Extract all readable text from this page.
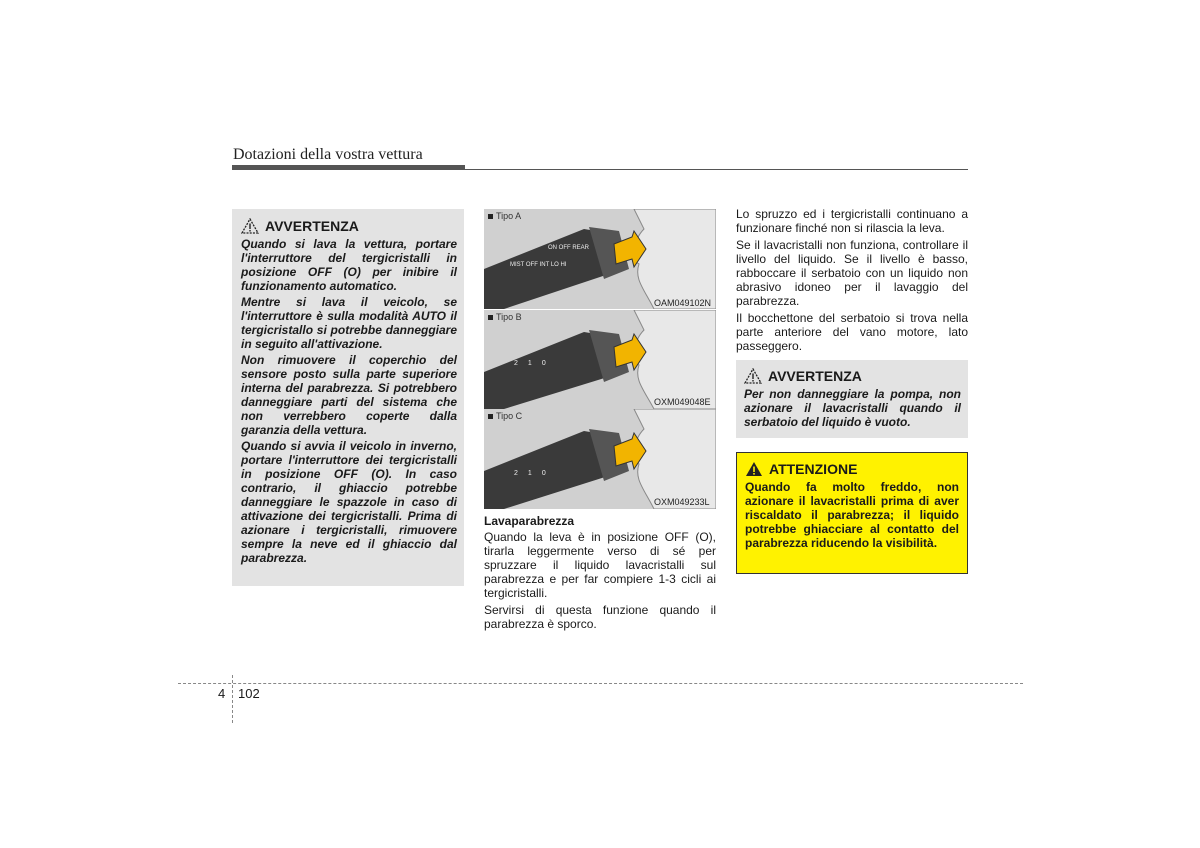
Dotazioni della vostra vettura
AVVERTENZA

Quando si lava la vettura, portare l'interruttore del tergicristalli in posizione OFF (O) per inibire il funzionamento automatico.

Mentre si lava il veicolo, se l'interruttore è sulla modalità AUTO il tergicristallo si potrebbe danneggiare in seguito all'attivazione.

Non rimuovere il coperchio del sensore posto sulla parte superiore interna del parabrezza. Si potrebbero danneggiare parti del sistema che non verrebbero coperte dalla garanzia della vettura.

Quando si avvia il veicolo in inverno, portare l'interruttore dei tergicristalli in posizione OFF (O). In caso contrario, il ghiaccio potrebbe danneggiare le spazzole in caso di attivazione dei tergicristalli. Prima di azionare i tergicristalli, rimuovere sempre la neve ed il ghiaccio dal parabrezza.

Tipo A
MIST OFF INT LO HI
ON OFF REAR
OAM049102N
Tipo B
2 1 0
OXM049048E
Tipo C
2 1 0
OXM049233L
Lavaparabrezza

Quando la leva è in posizione OFF (O), tirarla leggermente verso di sé per spruzzare il liquido lavacristalli sul parabrezza e per far compiere 1-3 cicli ai tergicristalli.

Servirsi di questa funzione quando il parabrezza è sporco.

Lo spruzzo ed i tergicristalli continuano a funzionare finché non si rilascia la leva.

Se il lavacristalli non funziona, controllare il livello del liquido. Se il livello è basso, rabboccare il serbatoio con un liquido non abrasivo idoneo per il lavaggio del parabrezza.

Il bocchettone del serbatoio si trova nella parte anteriore del vano motore, lato passeggero.

AVVERTENZA

Per non danneggiare la pompa, non azionare il lavacristalli quando il serbatoio del liquido è vuoto.

ATTENZIONE

Quando fa molto freddo, non azionare il lavacristalli prima di aver riscaldato il parabrezza; il liquido potrebbe ghiacciare al contatto del parabrezza riducendo la visibilità.

4 102
